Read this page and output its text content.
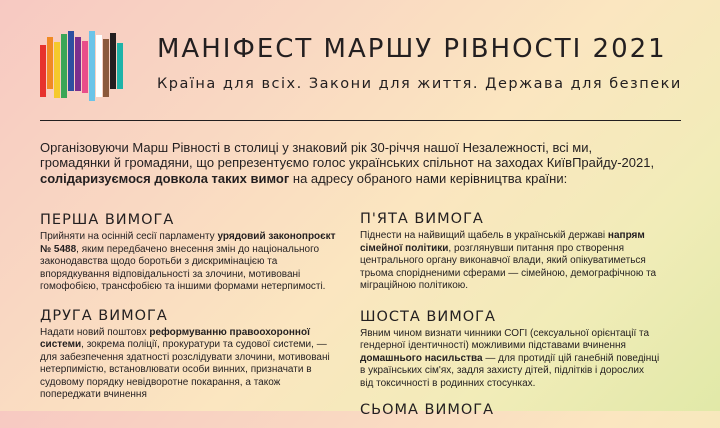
МАНІФЕСТ МАРШУ РІВНОСТІ 2021
Країна для всіх. Закони для життя. Держава для безпеки
Організовуючи Марш Рівності в столиці у знаковий рік 30-річчя нашої Незалежності, всі ми, громадянки й громадяни, що репрезентуємо голос українських спільнот на заходах КиївПрайду-2021, солідаризуємося довкола таких вимог на адресу обраного нами керівництва країни:
ПЕРША ВИМОГА

Прийняти на осінній сесії парламенту урядовий законопроєкт № 5488, яким передбачено внесення змін до національного законодавства щодо боротьби з дискримінацією та впорядкування відповідальності за злочини, мотивовані гомофобією, трансфобією та іншими формами нетерпимості.

ДРУГА ВИМОГА

Надати новий поштовх реформуванню правоохоронної системи, зокрема поліції, прокуратури та судової системи, — для забезпечення здатності розслідувати злочини, мотивовані нетерпимістю, встановлювати особи винних, призначати в судовому порядку невідворотне покарання, а також попереджати вчинення

П'ЯТА ВИМОГА

Піднести на найвищий щабель в українській державі напрям сімейної політики, розглянувши питання про створення центрального органу виконавчої влади, який опікуватиметься трьома спорідненими сферами — сімейною, демографічною та міграційною політикою.

ШОСТА ВИМОГА

Явним чином визнати чинники СОГІ (сексуальної орієнтації та гендерної ідентичності) можливими підставами вчинення домашнього насильства — для протидії цій ганебній поведінці в українських сім'ях, задля захисту дітей, підлітків і дорослих від токсичності в родинних стосунках.

СЬОМА ВИМОГА
